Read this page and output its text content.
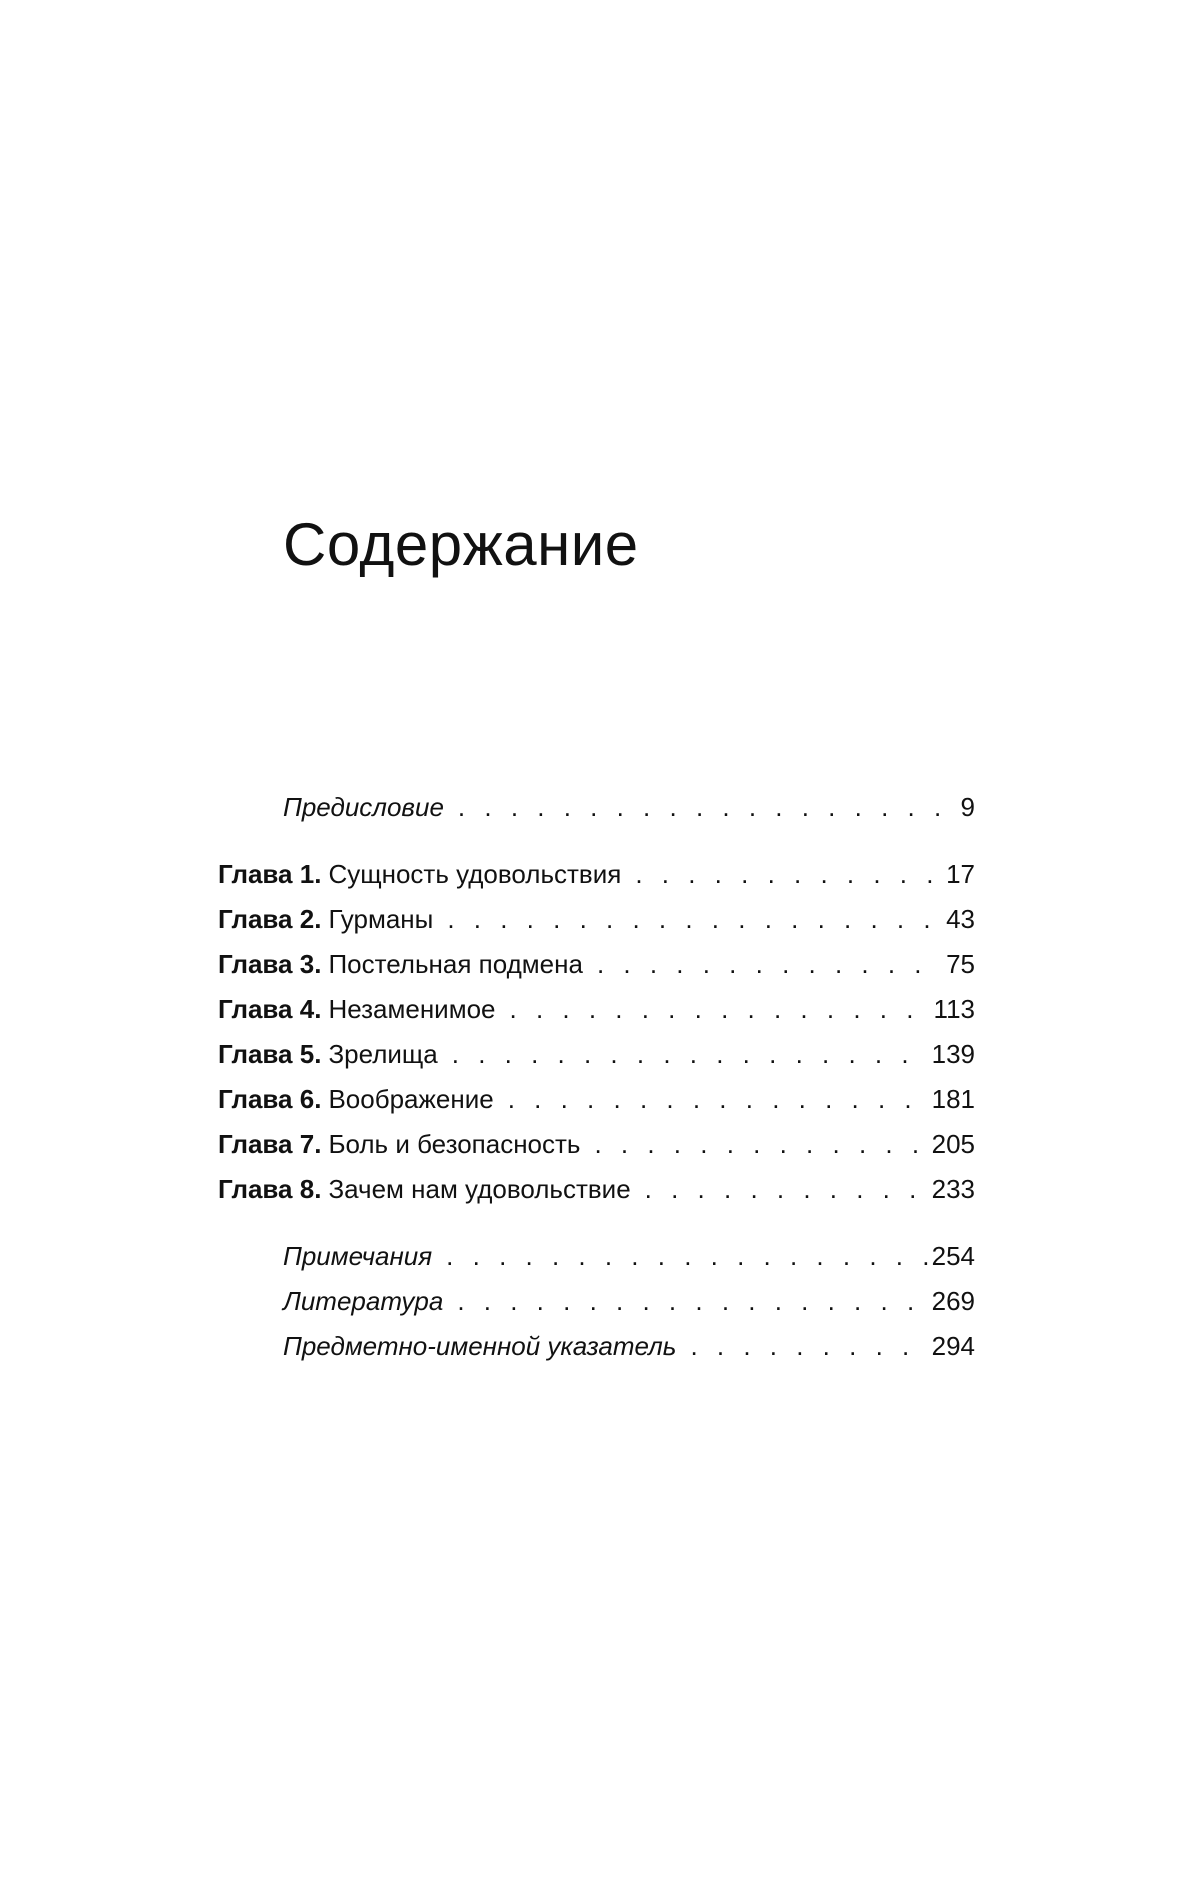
Содержание
Предисловие . . .	9
Глава 1. Сущность удовольствия . . .	17
Глава 2. Гурманы . . .	43
Глава 3. Постельная подмена . . .	75
Глава 4. Незаменимое . . .	113
Глава 5. Зрелища . . .	139
Глава 6. Воображение . . .	181
Глава 7. Боль и безопасность . . .	205
Глава 8. Зачем нам удовольствие . . .	233
Примечания . . .	254
Литература . . .	269
Предметно-именной указатель . . .	294
